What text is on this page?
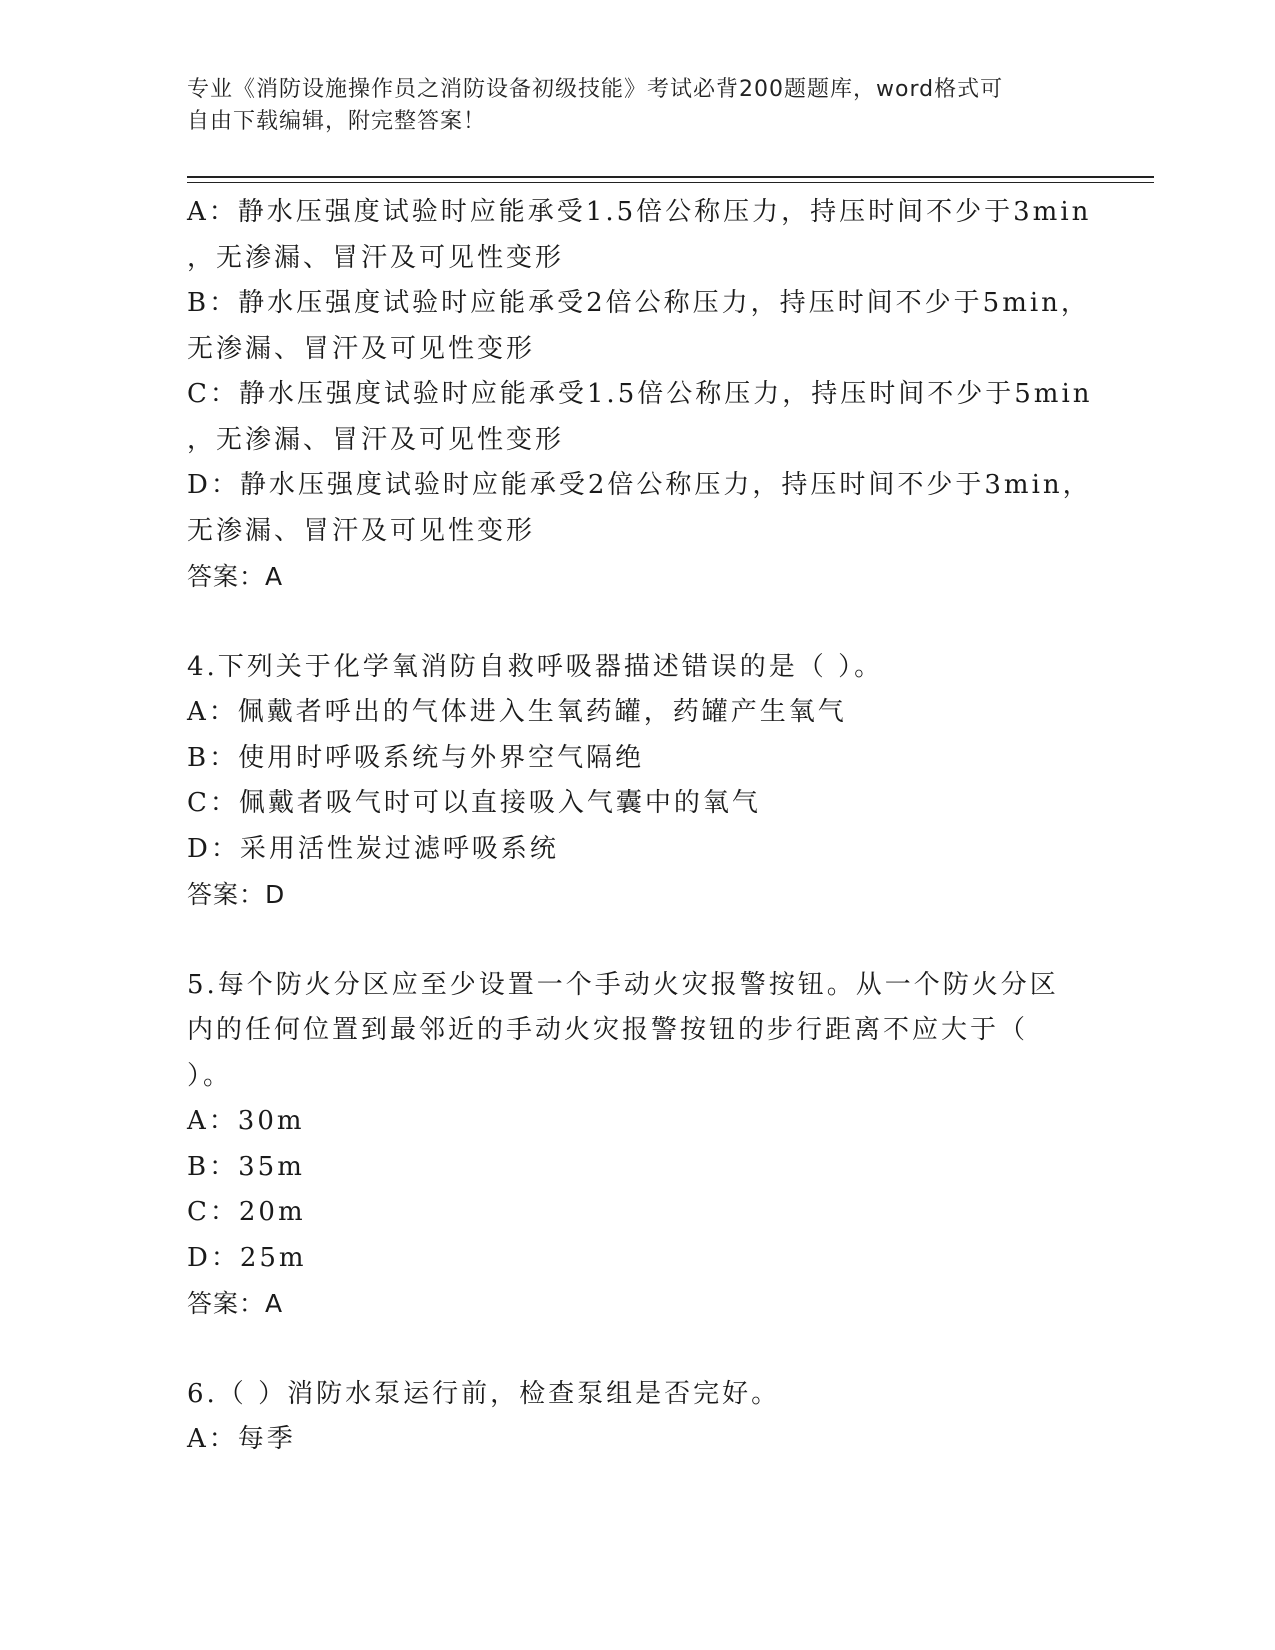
专业《消防设施操作员之消防设备初级技能》考试必背200题题库，word格式可
自由下载编辑，附完整答案！
A：静水压强度试验时应能承受1.5倍公称压力，持压时间不少于3min
，无渗漏、冒汗及可见性变形
B：静水压强度试验时应能承受2倍公称压力，持压时间不少于5min，
无渗漏、冒汗及可见性变形
C：静水压强度试验时应能承受1.5倍公称压力，持压时间不少于5min
，无渗漏、冒汗及可见性变形
D：静水压强度试验时应能承受2倍公称压力，持压时间不少于3min，
无渗漏、冒汗及可见性变形
答案：A
4.下列关于化学氧消防自救呼吸器描述错误的是（ ）。
A：佩戴者呼出的气体进入生氧药罐，药罐产生氧气
B：使用时呼吸系统与外界空气隔绝
C：佩戴者吸气时可以直接吸入气囊中的氧气
D：采用活性炭过滤呼吸系统
答案：D
5.每个防火分区应至少设置一个手动火灾报警按钮。从一个防火分区
内的任何位置到最邻近的手动火灾报警按钮的步行距离不应大于（
）。
A：30m
B：35m
C：20m
D：25m
答案：A
6.（ ）消防水泵运行前，检查泵组是否完好。
A：每季
